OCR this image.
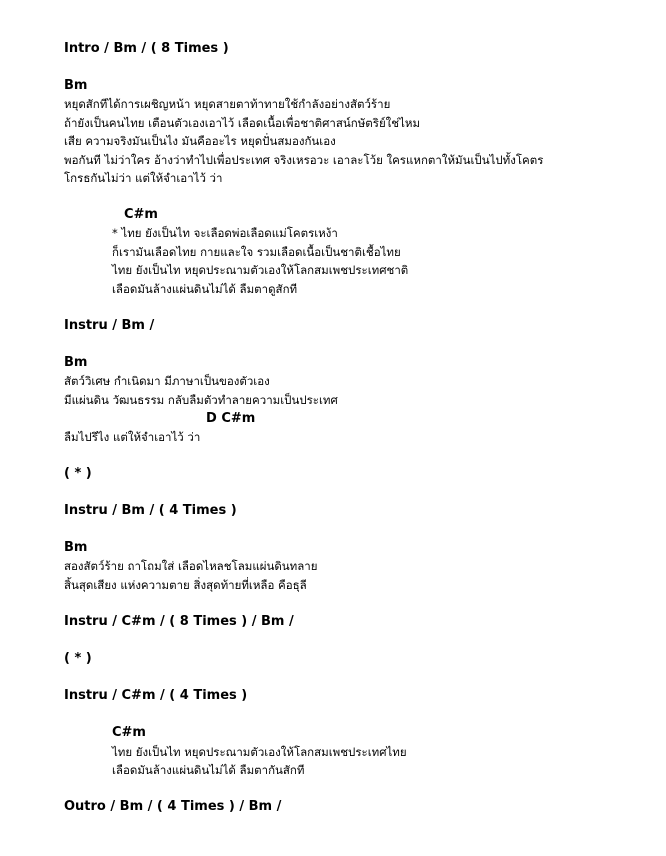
Intro / Bm / ( 8 Times )
Bm
หยุดสักทีได้การเผชิญหน้า หยุดสายตาท้าทายใช้กำลังอย่างสัตว์ร้าย
ถ้ายังเป็นคนไทย เตือนตัวเองเอาไว้ เลือดเนื้อเพื่อชาติศาสน์กษัตริย์ใช่ไหม
เสีย ความจริงมันเป็นไง มันคืออะไร หยุดปั่นสมองกันเอง
พอกันที ไม่ว่าใคร อ้างว่าทำไปเพื่อประเทศ จริงเหรอวะ เอาละโว้ย ใครแหกตาให้มันเป็นไปทั้งโคตร
โกรธกันไม่ว่า แต่ให้จำเอาไว้ ว่า
C#m
* ไทย ยังเป็นไท จะเลือดพ่อเลือดแม่โคตรเหง้า
ก็เรามันเลือดไทย กายและใจ รวมเลือดเนื้อเป็นชาติเชื้อไทย
ไทย ยังเป็นไท หยุดประณามตัวเองให้โลกสมเพชประเทศชาติ
เลือดมันล้างแผ่นดินไม่ได้ ลืมตาดูสักที
Instru / Bm /
Bm
สัตว์วิเศษ กำเนิดมา มีภาษาเป็นของตัวเอง
มีแผ่นดิน วัฒนธรรม กลับลืมตัวทำลายความเป็นประเทศ
D C#m
ลืมไปรึไง แต่ให้จำเอาไว้ ว่า
( * )
Instru / Bm / ( 4 Times )
Bm
สองสัตว์ร้าย ถาโถมใส่ เลือดไหลชโลมแผ่นดินทลาย
สิ้นสุดเสียง แห่งความตาย สิ่งสุดท้ายที่เหลือ คือธุลี
Instru / C#m / ( 8 Times ) / Bm /
( * )
Instru / C#m / ( 4 Times )
C#m
ไทย ยังเป็นไท หยุดประณามตัวเองให้โลกสมเพชประเทศไทย
เลือดมันล้างแผ่นดินไม่ได้ ลืมตากันสักที
Outro / Bm / ( 4 Times ) / Bm /
